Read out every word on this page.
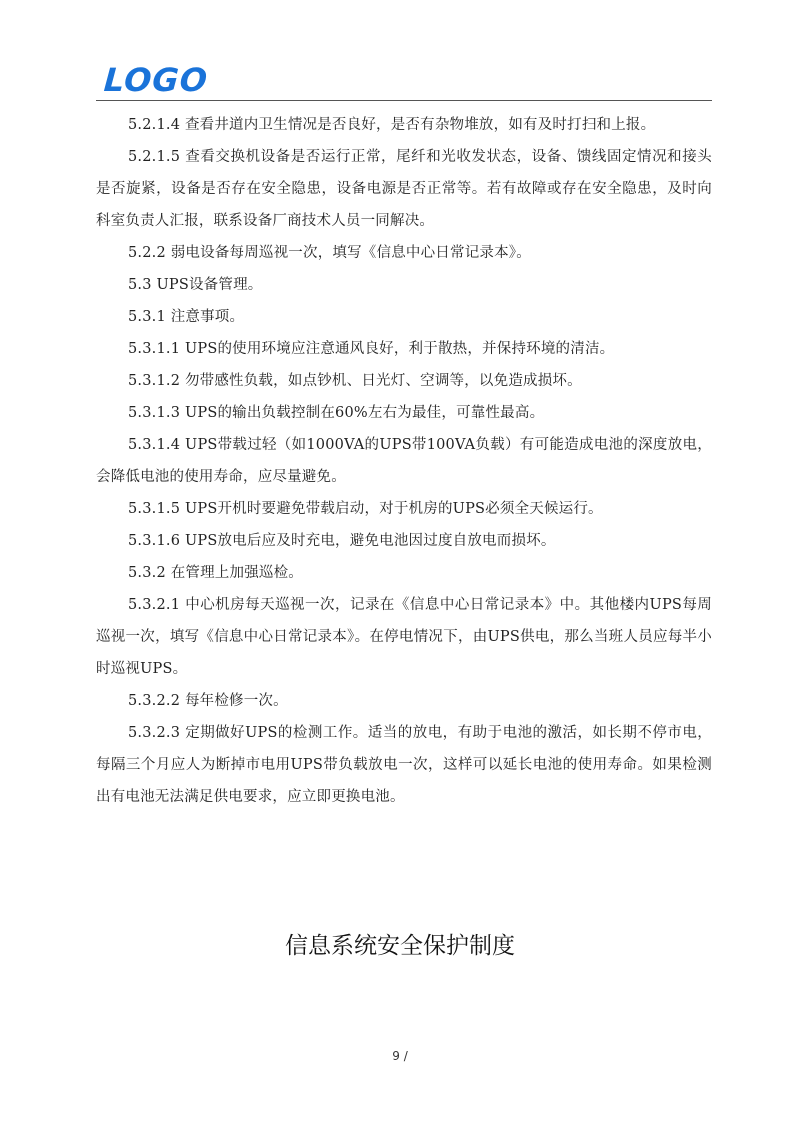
LOGO

5.2.1.4 查看井道内卫生情况是否良好，是否有杂物堆放，如有及时打扫和上报。

5.2.1.5 查看交换机设备是否运行正常，尾纤和光收发状态，设备、馈线固定情况和接头是否旋紧，设备是否存在安全隐患，设备电源是否正常等。若有故障或存在安全隐患，及时向科室负责人汇报，联系设备厂商技术人员一同解决。

5.2.2 弱电设备每周巡视一次，填写《信息中心日常记录本》。

5.3 UPS设备管理。

5.3.1 注意事项。

5.3.1.1 UPS的使用环境应注意通风良好，利于散热，并保持环境的清洁。

5.3.1.2 勿带感性负载，如点钞机、日光灯、空调等，以免造成损坏。

5.3.1.3 UPS的输出负载控制在60%左右为最佳，可靠性最高。

5.3.1.4 UPS带载过轻（如1000VA的UPS带100VA负载）有可能造成电池的深度放电，会降低电池的使用寿命，应尽量避免。

5.3.1.5 UPS开机时要避免带载启动，对于机房的UPS必须全天候运行。

5.3.1.6 UPS放电后应及时充电，避免电池因过度自放电而损坏。

5.3.2 在管理上加强巡检。

5.3.2.1 中心机房每天巡视一次，记录在《信息中心日常记录本》中。其他楼内UPS每周巡视一次，填写《信息中心日常记录本》。在停电情况下，由UPS供电，那么当班人员应每半小时巡视UPS。

5.3.2.2 每年检修一次。

5.3.2.3 定期做好UPS的检测工作。适当的放电，有助于电池的激活，如长期不停市电，每隔三个月应人为断掉市电用UPS带负载放电一次，这样可以延长电池的使用寿命。如果检测出有电池无法满足供电要求，应立即更换电池。

信息系统安全保护制度
9 /
